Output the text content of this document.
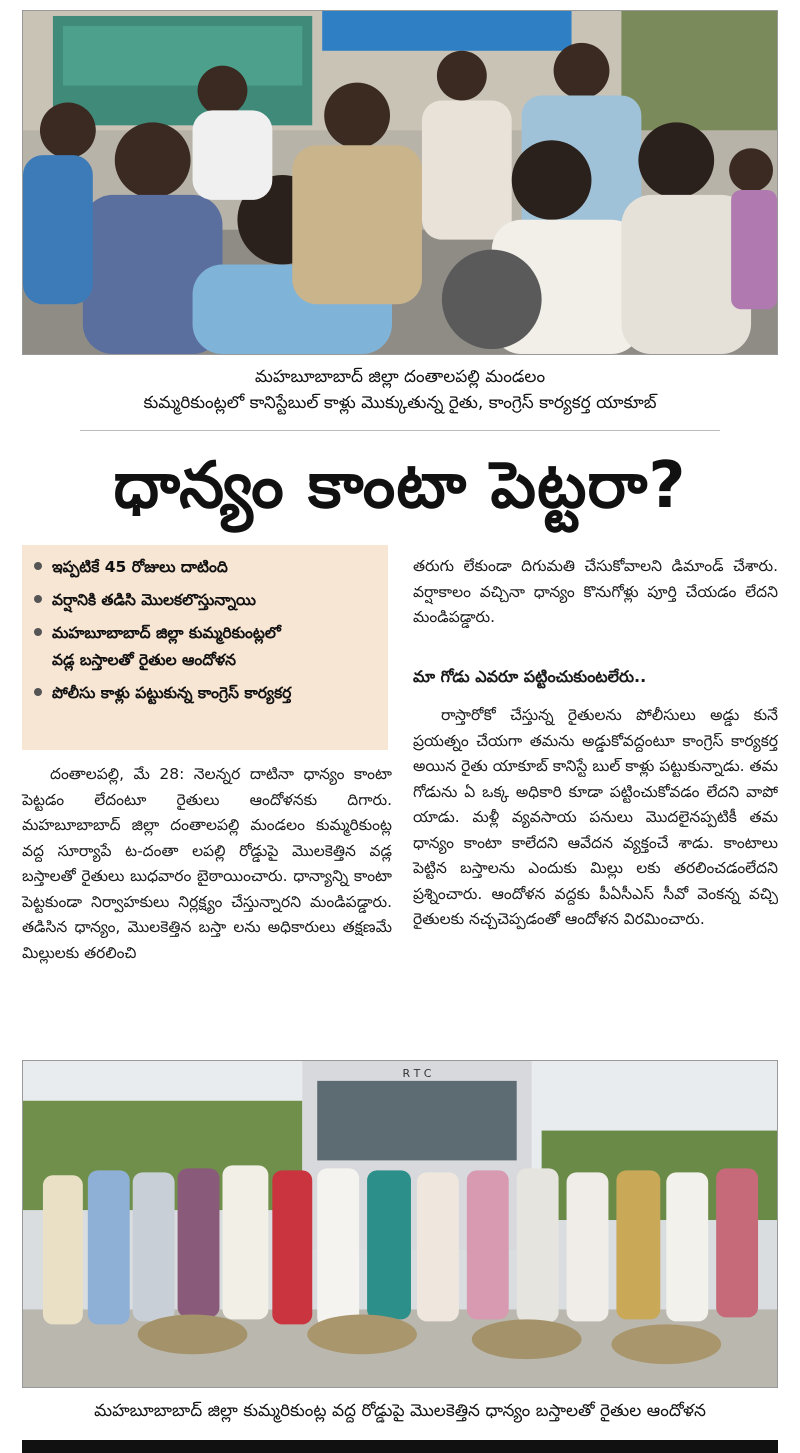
మహబూబాబాద్‌ జిల్లా దంతాలపల్లి మండలం
కుమ్మరికుంట్లలో కానిస్టేబుల్‌ కాళ్లు మొక్కుతున్న రైతు, కాంగ్రెస్‌ కార్యకర్త యాకూబ్‌
ధాన్యం కాంటా పెట్టరా?
ఇప్పటికే 45 రోజులు దాటింది
వర్షానికి తడిసి మొలకలొస్తున్నాయి
మహబూబాబాద్‌ జిల్లా కుమ్మరికుంట్లలో
వడ్ల బస్తాలతో రైతుల ఆందోళన
పోలీసు కాళ్లు పట్టుకున్న కాంగ్రెస్‌ కార్యకర్త

దంతాలపల్లి, మే 28: నెలన్నర దాటినా ధాన్యం కాంటా పెట్టడం లేదంటూ రైతులు ఆందోళనకు దిగారు. మహబూబాబాద్‌ జిల్లా దంతాలపల్లి మండలం కుమ్మరికుంట్ల వద్ద సూర్యాపే ట-దంతా లపల్లి రోడ్డుపై మొలకెత్తిన వడ్ల బస్తాలతో రైతులు బుధవారం బైఠాయించారు. ధాన్యాన్ని కాంటా పెట్టకుండా నిర్వాహకులు నిర్లక్ష్యం చేస్తున్నారని మండిపడ్డారు. తడిసిన ధాన్యం, మొలకెత్తిన బస్తా లను అధికారులు తక్షణమే మిల్లులకు తరలించి

తరుగు లేకుండా దిగుమతి చేసుకోవాలని డిమాండ్‌ చేశారు. వర్షాకాలం వచ్చినా ధాన్యం కొనుగోళ్లు పూర్తి చేయడం లేదని మండిపడ్డారు.

మా గోడు ఎవరూ పట్టించుకుంటలేరు..

రాస్తారోకో చేస్తున్న రైతులను పోలీసులు అడ్డు కునే ప్రయత్నం చేయగా తమను అడ్డుకోవద్దంటూ కాంగ్రెస్‌ కార్యకర్త అయిన రైతు యాకూబ్‌ కానిస్టే బుల్‌ కాళ్లు పట్టుకున్నాడు. తమ గోడును ఏ ఒక్క అధికారి కూడా పట్టించుకోవడం లేదని వాపో యాడు. మళ్లీ వ్యవసాయ పనులు మొదలైనప్పటికీ తమ ధాన్యం కాంటా కాలేదని ఆవేదన వ్యక్తంచే శాడు. కాంటాలు పెట్టిన బస్తాలను ఎందుకు మిల్లు లకు తరలించడంలేదని ప్రశ్నించారు. ఆందోళన వద్దకు పీఏసీఎస్‌ సీవో వెంకన్న వచ్చి రైతులకు నచ్చచెప్పడంతో ఆందోళన విరమించారు.

R T C
మహబూబాబాద్‌ జిల్లా కుమ్మరికుంట్ల వద్ద రోడ్డుపై మొలకెత్తిన ధాన్యం బస్తాలతో రైతుల ఆందోళన
